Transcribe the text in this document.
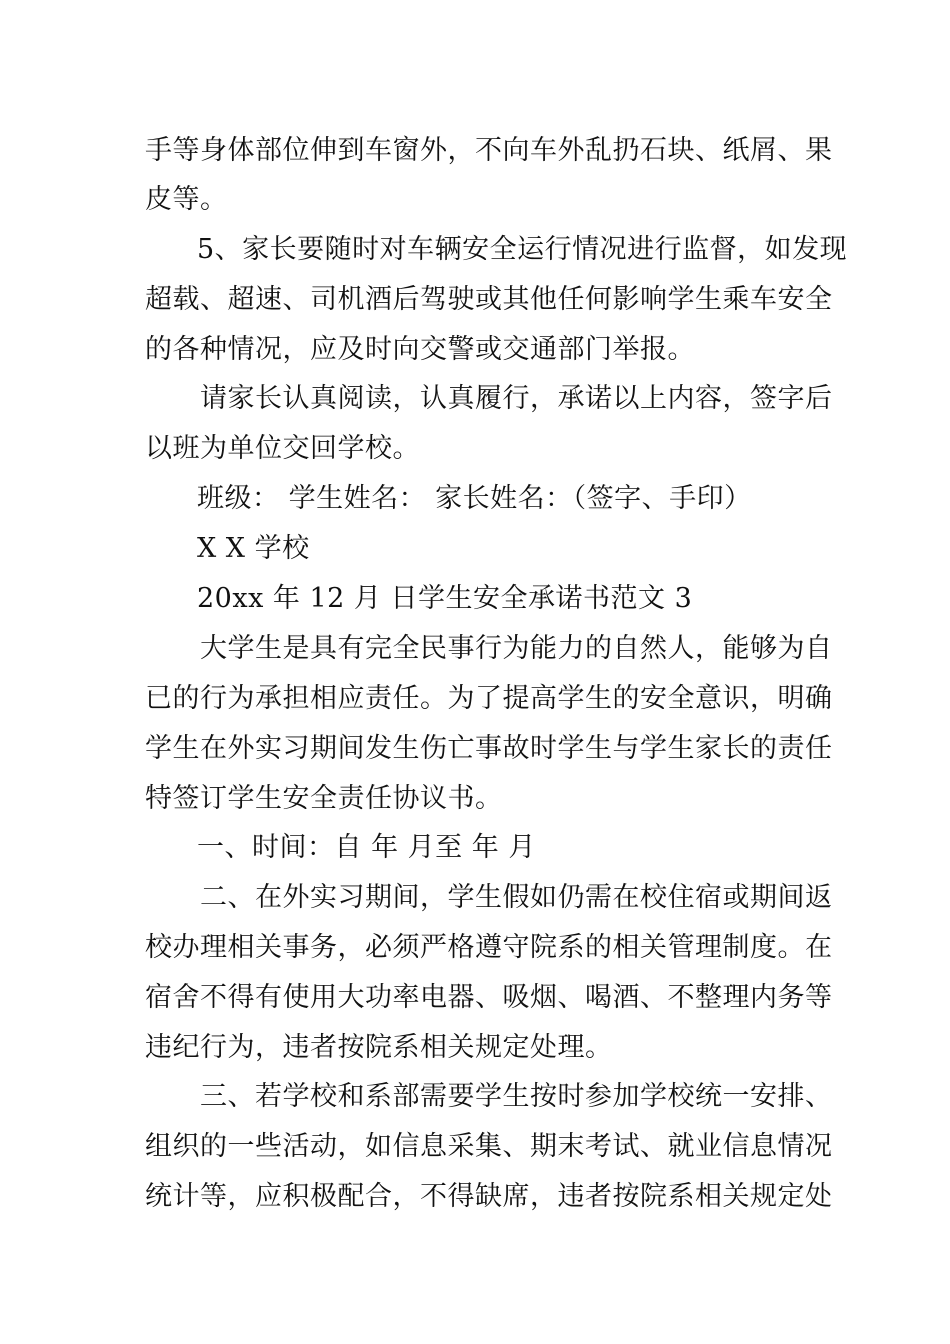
手等身体部位伸到车窗外，不向车外乱扔石块、纸屑、果
皮等。
5、家长要随时对车辆安全运行情况进行监督，如发现
超载、超速、司机酒后驾驶或其他任何影响学生乘车安全
的各种情况，应及时向交警或交通部门举报。
请家长认真阅读，认真履行，承诺以上内容，签字后
以班为单位交回学校。
班级： 学生姓名： 家长姓名：（签字、手印）
X X 学校
20xx 年 12 月 日学生安全承诺书范文 3
大学生是具有完全民事行为能力的自然人，能够为自
已的行为承担相应责任。为了提高学生的安全意识，明确
学生在外实习期间发生伤亡事故时学生与学生家长的责任
特签订学生安全责任协议书。
一、时间：自 年 月至 年 月
二、在外实习期间，学生假如仍需在校住宿或期间返
校办理相关事务，必须严格遵守院系的相关管理制度。在
宿舍不得有使用大功率电器、吸烟、喝酒、不整理内务等
违纪行为，违者按院系相关规定处理。
三、若学校和系部需要学生按时参加学校统一安排、
组织的一些活动，如信息采集、期末考试、就业信息情况
统计等，应积极配合，不得缺席，违者按院系相关规定处
